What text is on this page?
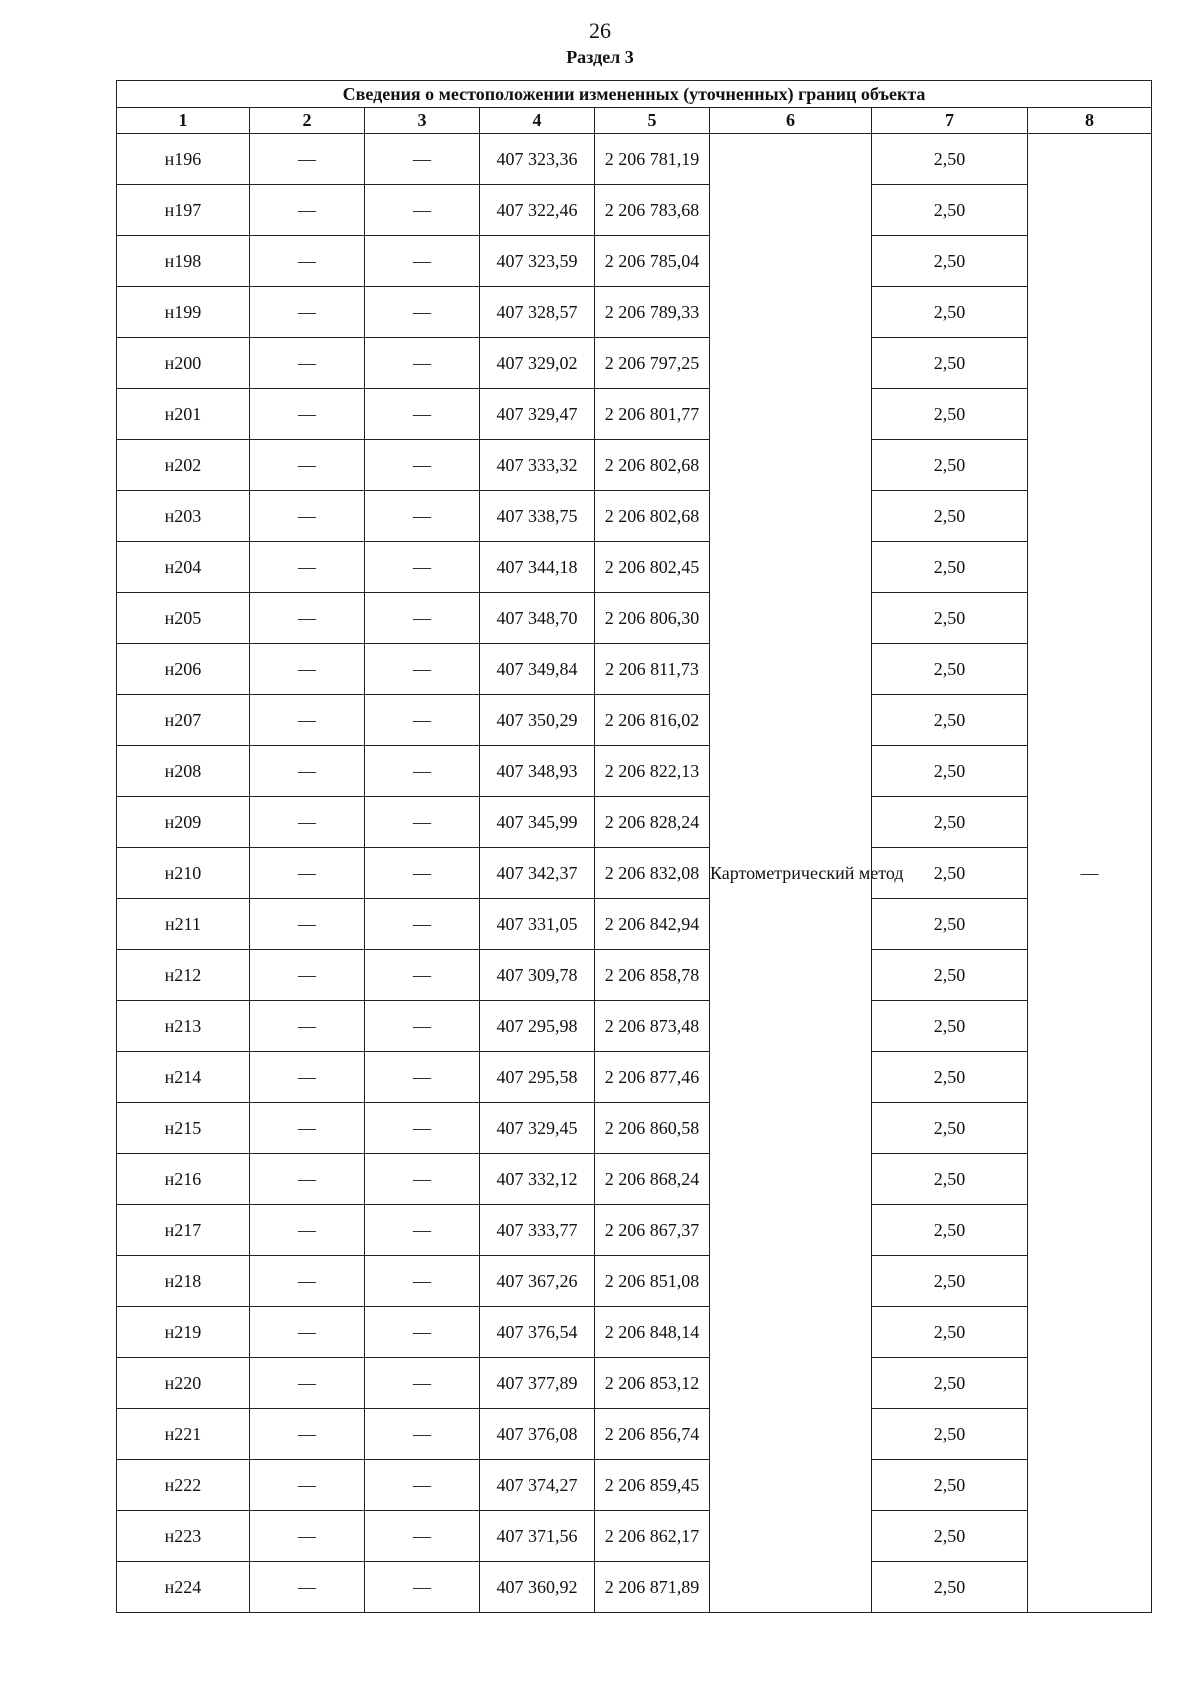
26
Раздел 3
Сведения о местоположении измененных (уточненных) границ объекта							
1	2	3	4	5	6	7	8
н196	—	—	407 323,36	2 206 781,19	Картометрический метод	2,50	—
н197	—	—	407 322,46	2 206 783,68		2,50	
н198	—	—	407 323,59	2 206 785,04		2,50	
н199	—	—	407 328,57	2 206 789,33		2,50	
н200	—	—	407 329,02	2 206 797,25		2,50	
н201	—	—	407 329,47	2 206 801,77		2,50	
н202	—	—	407 333,32	2 206 802,68		2,50	
н203	—	—	407 338,75	2 206 802,68		2,50	
н204	—	—	407 344,18	2 206 802,45		2,50	
н205	—	—	407 348,70	2 206 806,30		2,50	
н206	—	—	407 349,84	2 206 811,73		2,50	
н207	—	—	407 350,29	2 206 816,02		2,50	
н208	—	—	407 348,93	2 206 822,13		2,50	
н209	—	—	407 345,99	2 206 828,24		2,50	
н210	—	—	407 342,37	2 206 832,08		2,50	
н211	—	—	407 331,05	2 206 842,94		2,50	
н212	—	—	407 309,78	2 206 858,78		2,50	
н213	—	—	407 295,98	2 206 873,48		2,50	
н214	—	—	407 295,58	2 206 877,46		2,50	
н215	—	—	407 329,45	2 206 860,58		2,50	
н216	—	—	407 332,12	2 206 868,24		2,50	
н217	—	—	407 333,77	2 206 867,37		2,50	
н218	—	—	407 367,26	2 206 851,08		2,50	
н219	—	—	407 376,54	2 206 848,14		2,50	
н220	—	—	407 377,89	2 206 853,12		2,50	
н221	—	—	407 376,08	2 206 856,74		2,50	
н222	—	—	407 374,27	2 206 859,45		2,50	
н223	—	—	407 371,56	2 206 862,17		2,50	
н224	—	—	407 360,92	2 206 871,89		2,50	
